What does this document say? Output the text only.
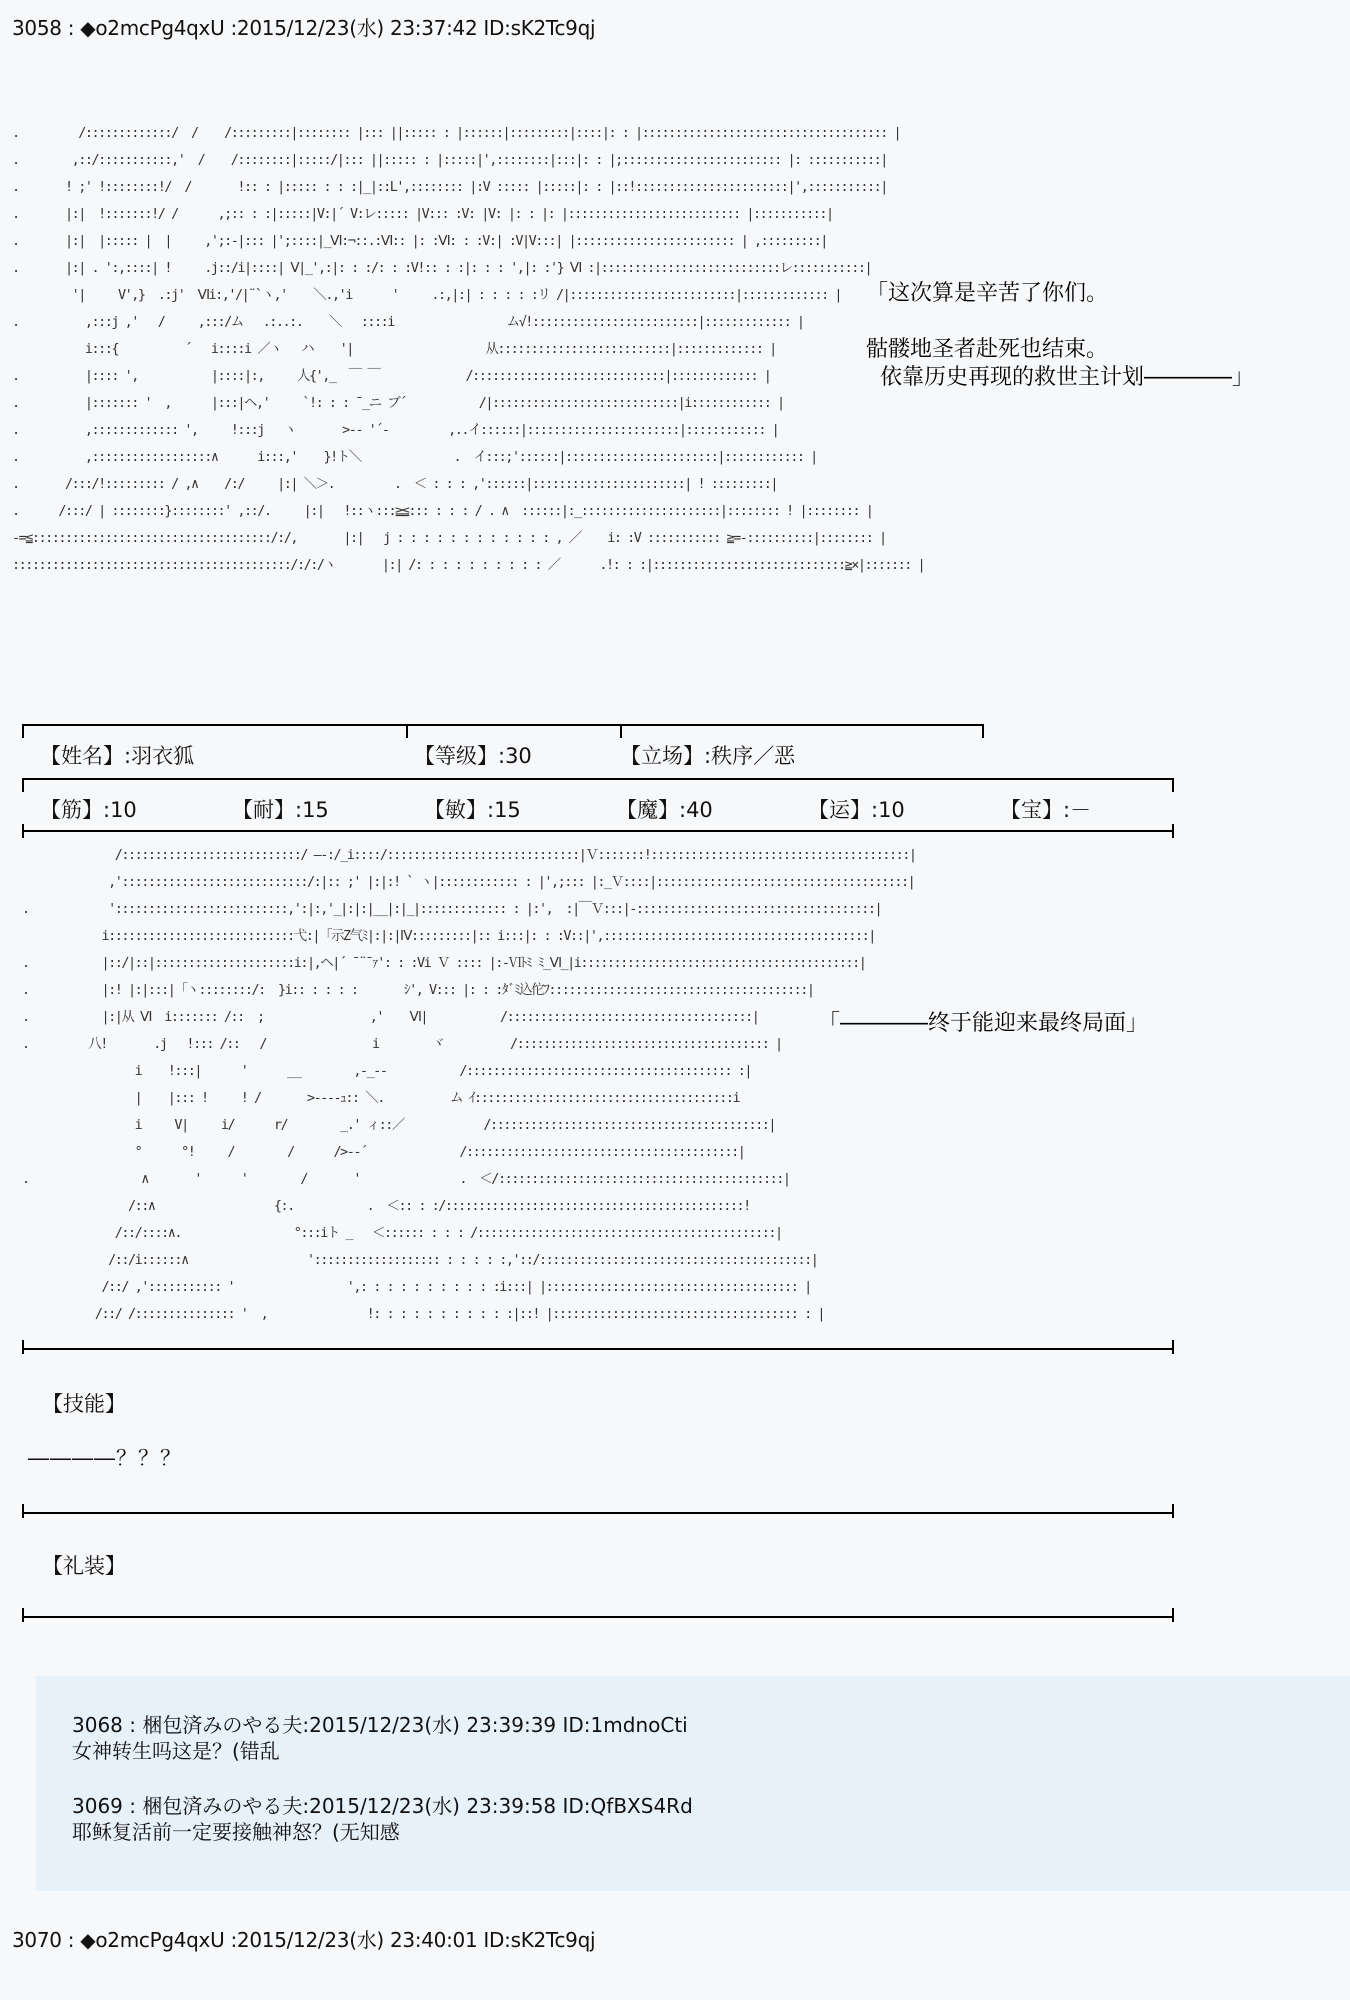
3058 : ◆o2mcPg4qxU :2015/12/23(水) 23:37:42 ID:sK2Tc9qj
.         /:::::::::::::/  /    /:::::::::|:::::::: |::: ||::::: : |::::::|:::::::::|::::|: : |::::::::::::::::::::::::::::::::::::: |
.        ,::/:::::::::::,'  /    /::::::::|:::::/|::: ||::::: : |:::::|',::::::::|:::|: : |;:::::::::::::::::::::::: |: :::::::::::|
.       ! ;' !::::::::!/  /       !:: : |::::: : : :|_|::L',:::::::: |:V ::::: |:::::|: : |::!:::::::::::::::::::::::|',:::::::::::|
.       |:|  !:::::::!/ /      ,;:: : :|:::::|V:|´ V:レ::::: |V::: :V: |V: |: : |: |:::::::::::::::::::::::::: |:::::::::::|
.       |:|  |::::: |  |     ,';:-|::: |';::::|_Ⅵ:¬::.:Ⅵ:: |: :Ⅵ: : :V:| :V|V:::| |:::::::::::::::::::::::: | ,:::::::::|
.       |:| . ':,::::| !     .j::/i|::::| Ⅴ|_',:|: : :/: : :V!:: : :|: : : ',|: :'} Ⅵ :|:::::::::::::::::::::::::::レ:::::::::::|
'|     V',}  .:j'  Ⅵi:,'/|¨`ヽ,'    ＼.,'i      '     .:,|:| : : : : :リ /|:::::::::::::::::::::::::|::::::::::::: |
.          ,:::j ,'   /     ,:::/ム   .:..:.    ＼   ::::i                 ム√!:::::::::::::::::::::::::|::::::::::::: |
i:::{          ´   i::::i ／ヽ   ハ    '|                    从::::::::::::::::::::::::::|::::::::::::: |
.          |:::: ',           |::::|:,     人{',_  ￣ ￣             /:::::::::::::::::::::::::::::|::::::::::::: |
.          |::::::: '  ,      |:::|ヘ,'     `!: : : ¯_ニ ブ´           /|::::::::::::::::::::::::::::|i:::::::::::: |
.          ,::::::::::::: ',     !:::j   ヽ       >-- '´-         ,..イ::::::|:::::::::::::::::::::::|:::::::::::: |
.          ,::::::::::::::::::∧      i:::,'    }!ト＼              .  イ:::;'::::::|:::::::::::::::::::::::|:::::::::::: |
.       /:::/!::::::::: / ,∧    /:/     |:| ＼＞.         .  ＜ : : : ,'::::::|:::::::::::::::::::::::| ! :::::::::|
.      /:::/ | ::::::::}::::::::' ,::/.     |:|   !::ヽ:::≧≦::: : : : / . ∧  ::::::|:_:::::::::::::::::::::|:::::::: ! |:::::::: |
-=≦::::::::::::::::::::::::::::::::::::/:/,       |:|   j : : : : : : : : : : : : , ／    i: :V ::::::::::: ≧=-::::::::::|:::::::: |
::::::::::::::::::::::::::::::::::::::::::/:/:/ヽ       |:| /: : : : : : : : : : ／      .!: : :|:::::::::::::::::::::::::::::≧×|::::::: |
「这次算是辛苦了你们。

骷髅地圣者赴死也结束。
依靠历史再现的救世主计划――――」
【姓名】:羽衣狐	【等级】:30	【立场】:秩序／恶
【筋】:10	【耐】:15	【敏】:15	【魔】:40	【运】:10	【宝】:－
/:::::::::::::::::::::::::::/ ―-:/_i::::/:::::::::::::::::::::::::::::|Ｖ:::::::!:::::::::::::::::::::::::::::::::::::::|
,'::::::::::::::::::::::::::::/:|:: ;' |:|:! ` ヽ|:::::::::::: : |',;::: |:_Ｖ::::|::::::::::::::::::::::::::::::::::::::|
.            '::::::::::::::::::::::::::,':|:,'_|:|:|__|:|_|::::::::::::: : |:',  :|￣Ｖ:::|-::::::::::::::::::::::::::::::::::::|
i::::::::::::::::::::::::::::弋:|「示Z气ﾐ|:|:|Ⅳ:::::::::|:: i:::|: : :V::|',::::::::::::::::::::::::::::::::::::::::|
.           |::/|::|:::::::::::::::::::::i:|,ヘ|´ ¯¨¯ｧ': : :Vi Ｖ :::: |:-Ⅵﾄﾐ ﾐ_Ⅵ_|i::::::::::::::::::::::::::::::::::::::::::|
.           |:! |:|:::|「ヽ::::::::/:  }i:: : : : :       ｼ', V::: |: : :ﾀﾞﾐ込佗ﾌ:::::::::::::::::::::::::::::::::::::::|
.           |:|从 Ⅵ  i::::::: /::  ;                ,'    Ⅵ|           /:::::::::::::::::::::::::::::::::::::|
.         八!       .j   !::: /::   /                i        ヾ          /:::::::::::::::::::::::::::::::::::::: |
i    !:::|      '      __        ,-_--           /:::::::::::::::::::::::::::::::::::::::: :|
|    |::: !     ! /       >----ｭ:: ＼.          ム ｲ:::::::::::::::::::::::::::::::::::::::i
i     V|     i/      r/        _.' ィ::／            /::::::::::::::::::::::::::::::::::::::::::|
°      °!     /        /      />--´              /:::::::::::::::::::::::::::::::::::::::::|
.                 ∧       '      '        /       '               .  ＜/:::::::::::::::::::::::::::::::::::::::::::|
/::∧                  {:.           .  ＜:: : :/:::::::::::::::::::::::::::::::::::::::::::::!
/::/::::∧.                 °:::iト _   ＜:::::: : : : /:::::::::::::::::::::::::::::::::::::::::::::|
/::/i::::::∧                  '::::::::::::::::::: : : : : :,'::/:::::::::::::::::::::::::::::::::::::::::|
/::/ ,'::::::::::: '                 ',: : : : : : : : : : :i:::| |:::::::::::::::::::::::::::::::::::::: |
/::/ /::::::::::::::: '  ,               !: : : : : : : : : : :|::! |::::::::::::::::::::::::::::::::::::: : |
「――――终于能迎来最终局面」
【技能】
――――？？？
【礼装】
3068 : 梱包済みのやる夫:2015/12/23(水) 23:39:39 ID:1mdnoCti
女神转生吗这是？(错乱
3069 : 梱包済みのやる夫:2015/12/23(水) 23:39:58 ID:QfBXS4Rd
耶稣复活前一定要接触神怒？(无知感
3070 : ◆o2mcPg4qxU :2015/12/23(水) 23:40:01 ID:sK2Tc9qj
